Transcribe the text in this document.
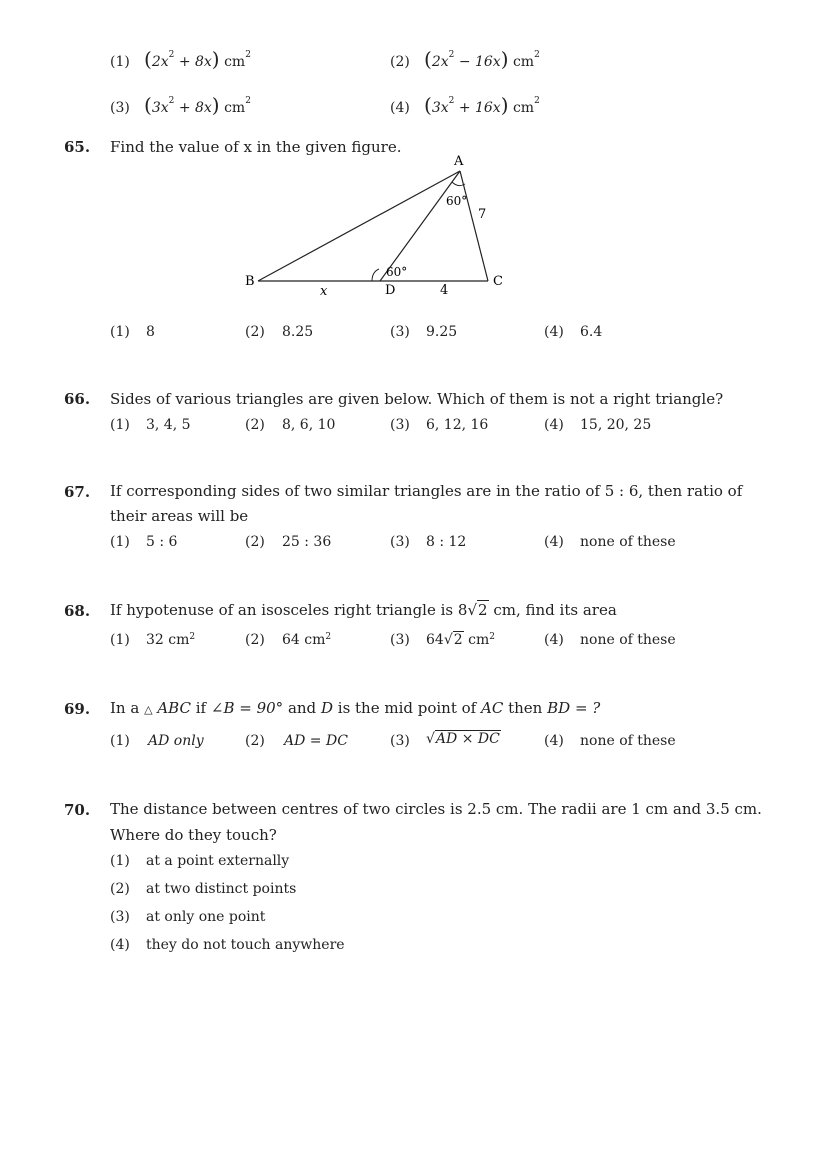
(1) $(2x^2 + 8x)$ $cm^2$	(2) $(2x^2 - 16x)$ $cm^2$
(3) $(3x^2 + 8x)$ $cm^2$	(4) $(3x^2 + 16x)$ $cm^2$
65. Find the value of x in the given figure.
A
B	C
D
60°
60°
7
x	4
(1) 8	(2) 8.25	(3) 9.25	(4) 6.4
66. Sides of various triangles are given below. Which of them is not a right triangle?
(1) 3, 4, 5	(2) 8, 6, 10	(3) 6, 12, 16	(4) 15, 20, 25
67. If corresponding sides of two similar triangles are in the ratio of 5 : 6, then ratio of
their areas will be
(1) 5 : 6	(2) 25 : 36	(3) 8 : 12	(4) none of these
68. If hypotenuse of an isosceles right triangle is 8√2 cm, find its area
(1) 32 $cm^2$	(2) 64 $cm^2$	(3) 64√2 $cm^2$	(4) none of these
69. In a △ ABC if ∠B = 90° and D is the mid point of AC then BD = ?
(1) AD only	(2) AD = DC	(3) √AD × DC	(4) none of these
70. The distance between centres of two circles is 2.5 cm. The radii are 1 cm and 3.5 cm.
Where do they touch?
(1) at a point externally
(2) at two distinct points
(3) at only one point
(4) they do not touch anywhere
